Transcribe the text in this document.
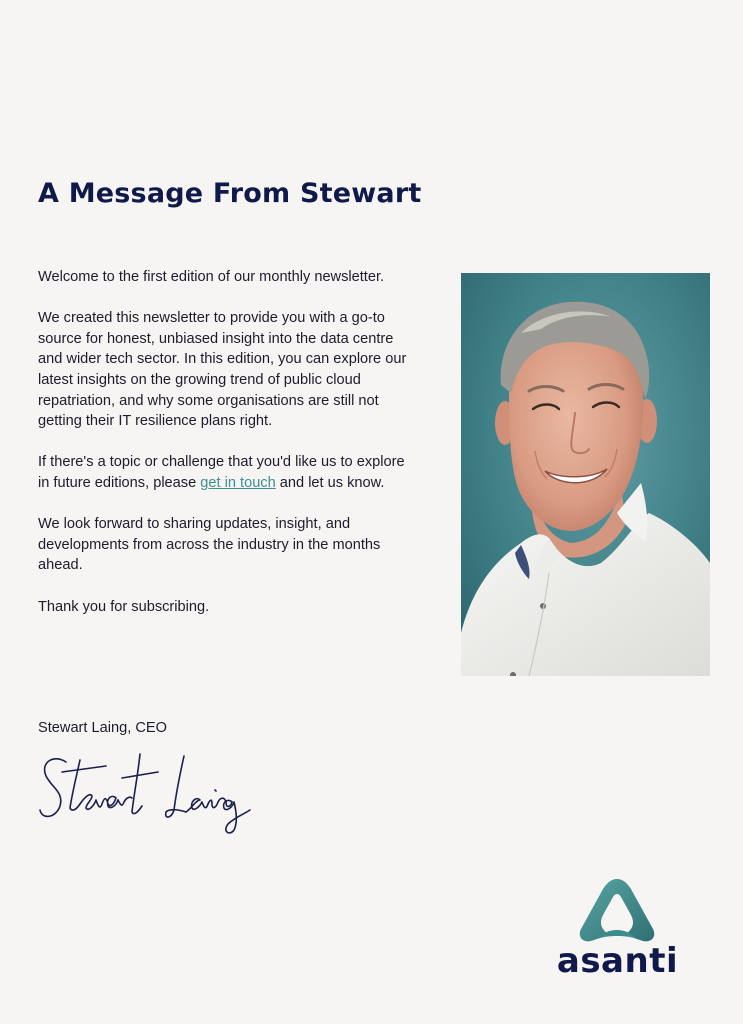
A Message From Stewart

Welcome to the first edition of our monthly newsletter.

We created this newsletter to provide you with a go-to source for honest, unbiased insight into the data centre and wider tech sector. In this edition, you can explore our latest insights on the growing trend of public cloud repatriation, and why some organisations are still not getting their IT resilience plans right.

If there's a topic or challenge that you'd like us to explore in future editions, please get in touch and let us know.

We look forward to sharing updates, insight, and developments from across the industry in the months ahead.

Thank you for subscribing.

Stewart Laing, CEO
asanti
